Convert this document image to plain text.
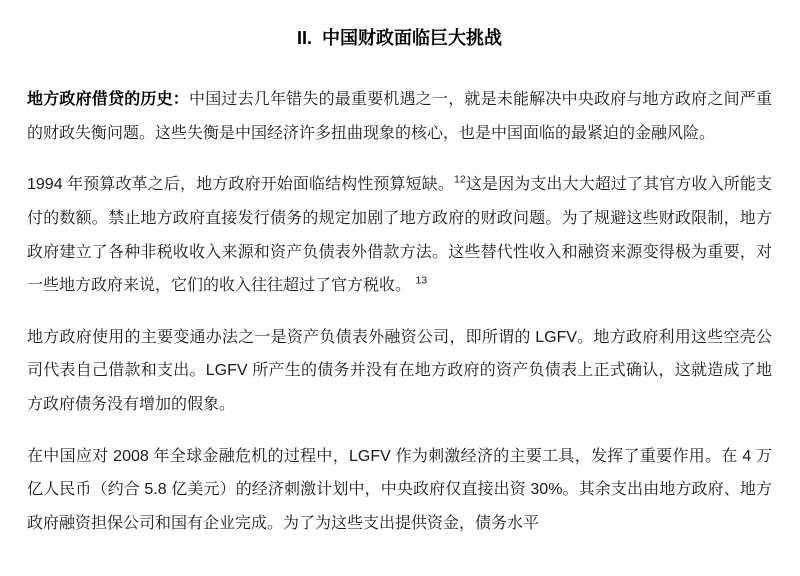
II.  中国财政面临巨大挑战

地方政府借贷的历史：中国过去几年错失的最重要机遇之一，就是未能解决中央政府与地方政府之间严重的财政失衡问题。这些失衡是中国经济许多扭曲现象的核心，也是中国面临的最紧迫的金融风险。

1994 年预算改革之后，地方政府开始面临结构性预算短缺。$^{12}$这是因为支出大大超过了其官方收入所能支付的数额。禁止地方政府直接发行债务的规定加剧了地方政府的财政问题。为了规避这些财政限制，地方政府建立了各种非税收收入来源和资产负债表外借款方法。这些替代性收入和融资来源变得极为重要，对一些地方政府来说，它们的收入往往超过了官方税收。 $^{13}$

地方政府使用的主要变通办法之一是资产负债表外融资公司，即所谓的 LGFV。地方政府利用这些空壳公司代表自己借款和支出。LGFV 所产生的债务并没有在地方政府的资产负债表上正式确认，这就造成了地方政府债务没有增加的假象。

在中国应对 2008 年全球金融危机的过程中，LGFV 作为刺激经济的主要工具，发挥了重要作用。在 4 万亿人民币（约合 5.8 亿美元）的经济刺激计划中，中央政府仅直接出资 30%。其余支出由地方政府、地方政府融资担保公司和国有企业完成。为了为这些支出提供资金，债务水平
